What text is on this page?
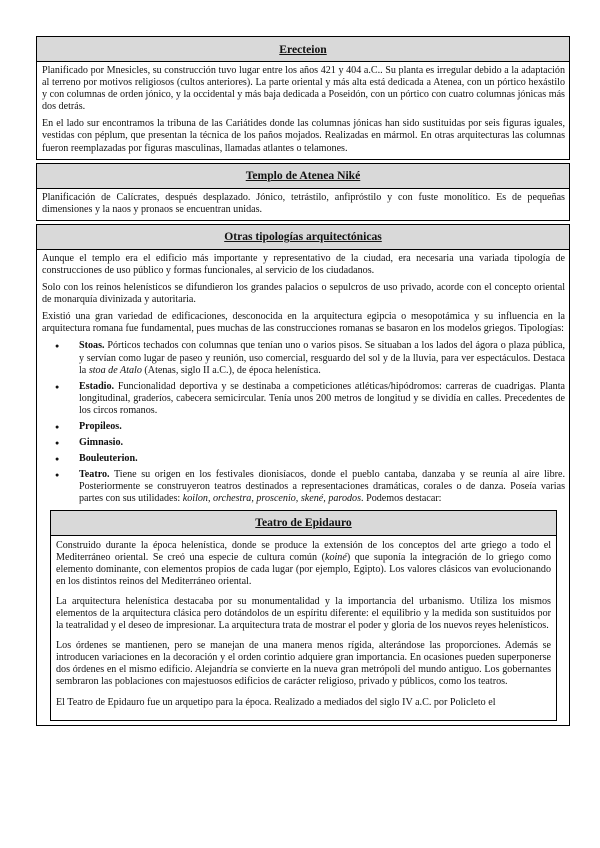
Erecteion

Planificado por Mnesicles, su construcción tuvo lugar entre los años 421 y 404 a.C.. Su planta es irregular debido a la adaptación al terreno por motivos religiosos (cultos anteriores). La parte oriental y más alta está dedicada a Atenea, con un pórtico hexástilo y con columnas de orden jónico, y la occidental y más baja dedicada a Poseidón, con un pórtico con cuatro columnas jónicas más dos detrás.

En el lado sur encontramos la tribuna de las Cariátides donde las columnas jónicas han sido sustituidas por seis figuras iguales, vestidas con péplum, que presentan la técnica de los paños mojados. Realizadas en mármol. En otras arquitecturas las columnas fueron reemplazadas por figuras masculinas, llamadas atlantes o telamones.

Templo de Atenea Niké

Planificación de Calícrates, después desplazado. Jónico, tetrástilo, anfipróstilo y con fuste monolítico. Es de pequeñas dimensiones y la naos y pronaos se encuentran unidas.

Otras tipologías arquitectónicas

Aunque el templo era el edificio más importante y representativo de la ciudad, era necesaria una variada tipología de construcciones de uso público y formas funcionales, al servicio de los ciudadanos.

Solo con los reinos helenísticos se difundieron los grandes palacios o sepulcros de uso privado, acorde con el concepto oriental de monarquía divinizada y autoritaria.

Existió una gran variedad de edificaciones, desconocida en la arquitectura egipcia o mesopotámica y su influencia en la arquitectura romana fue fundamental, pues muchas de las construcciones romanas se basaron en los modelos griegos. Tipologías:

● Stoas. Pórticos techados con columnas que tenían uno o varios pisos. Se situaban a los lados del ágora o plaza pública, y servían como lugar de paseo y reunión, uso comercial, resguardo del sol y de la lluvia, para ver espectáculos. Destaca la stoa de Atalo (Atenas, siglo II a.C.), de época helenística.
● Estadio. Funcionalidad deportiva y se destinaba a competiciones atléticas/hipódromos: carreras de cuadrigas. Planta longitudinal, graderíos, cabecera semicircular. Tenía unos 200 metros de longitud y se dividía en calles. Precedentes de los circos romanos.
● Propileos.
● Gimnasio.
● Bouleuterion.
● Teatro. Tiene su origen en los festivales dionisíacos, donde el pueblo cantaba, danzaba y se reunía al aire libre. Posteriormente se construyeron teatros destinados a representaciones dramáticas, corales o de danza. Poseía varias partes con sus utilidades: koilon, orchestra, proscenio, skené, parodos. Podemos destacar:
Teatro de Epidauro

Construido durante la época helenística, donde se produce la extensión de los conceptos del arte griego a todo el Mediterráneo oriental. Se creó una especie de cultura común (koiné) que suponía la integración de lo griego como elemento dominante, con elementos propios de cada lugar (por ejemplo, Egipto). Los valores clásicos van evolucionando en los distintos reinos del Mediterráneo oriental.

La arquitectura helenística destacaba por su monumentalidad y la importancia del urbanismo. Utiliza los mismos elementos de la arquitectura clásica pero dotándolos de un espíritu diferente: el equilibrio y la medida son sustituidos por la teatralidad y el deseo de impresionar. La arquitectura trata de mostrar el poder y gloria de los nuevos reyes helenísticos.

Los órdenes se mantienen, pero se manejan de una manera menos rígida, alterándose las proporciones. Además se introducen variaciones en la decoración y el orden corintio adquiere gran importancia. En ocasiones pueden superponerse dos órdenes en el mismo edificio. Alejandría se convierte en la nueva gran metrópoli del mundo antiguo. Los gobernantes sembraron las poblaciones con majestuosos edificios de carácter religioso, privado y públicos, como los teatros.

El Teatro de Epidauro fue un arquetipo para la época. Realizado a mediados del siglo IV a.C. por Policleto el
